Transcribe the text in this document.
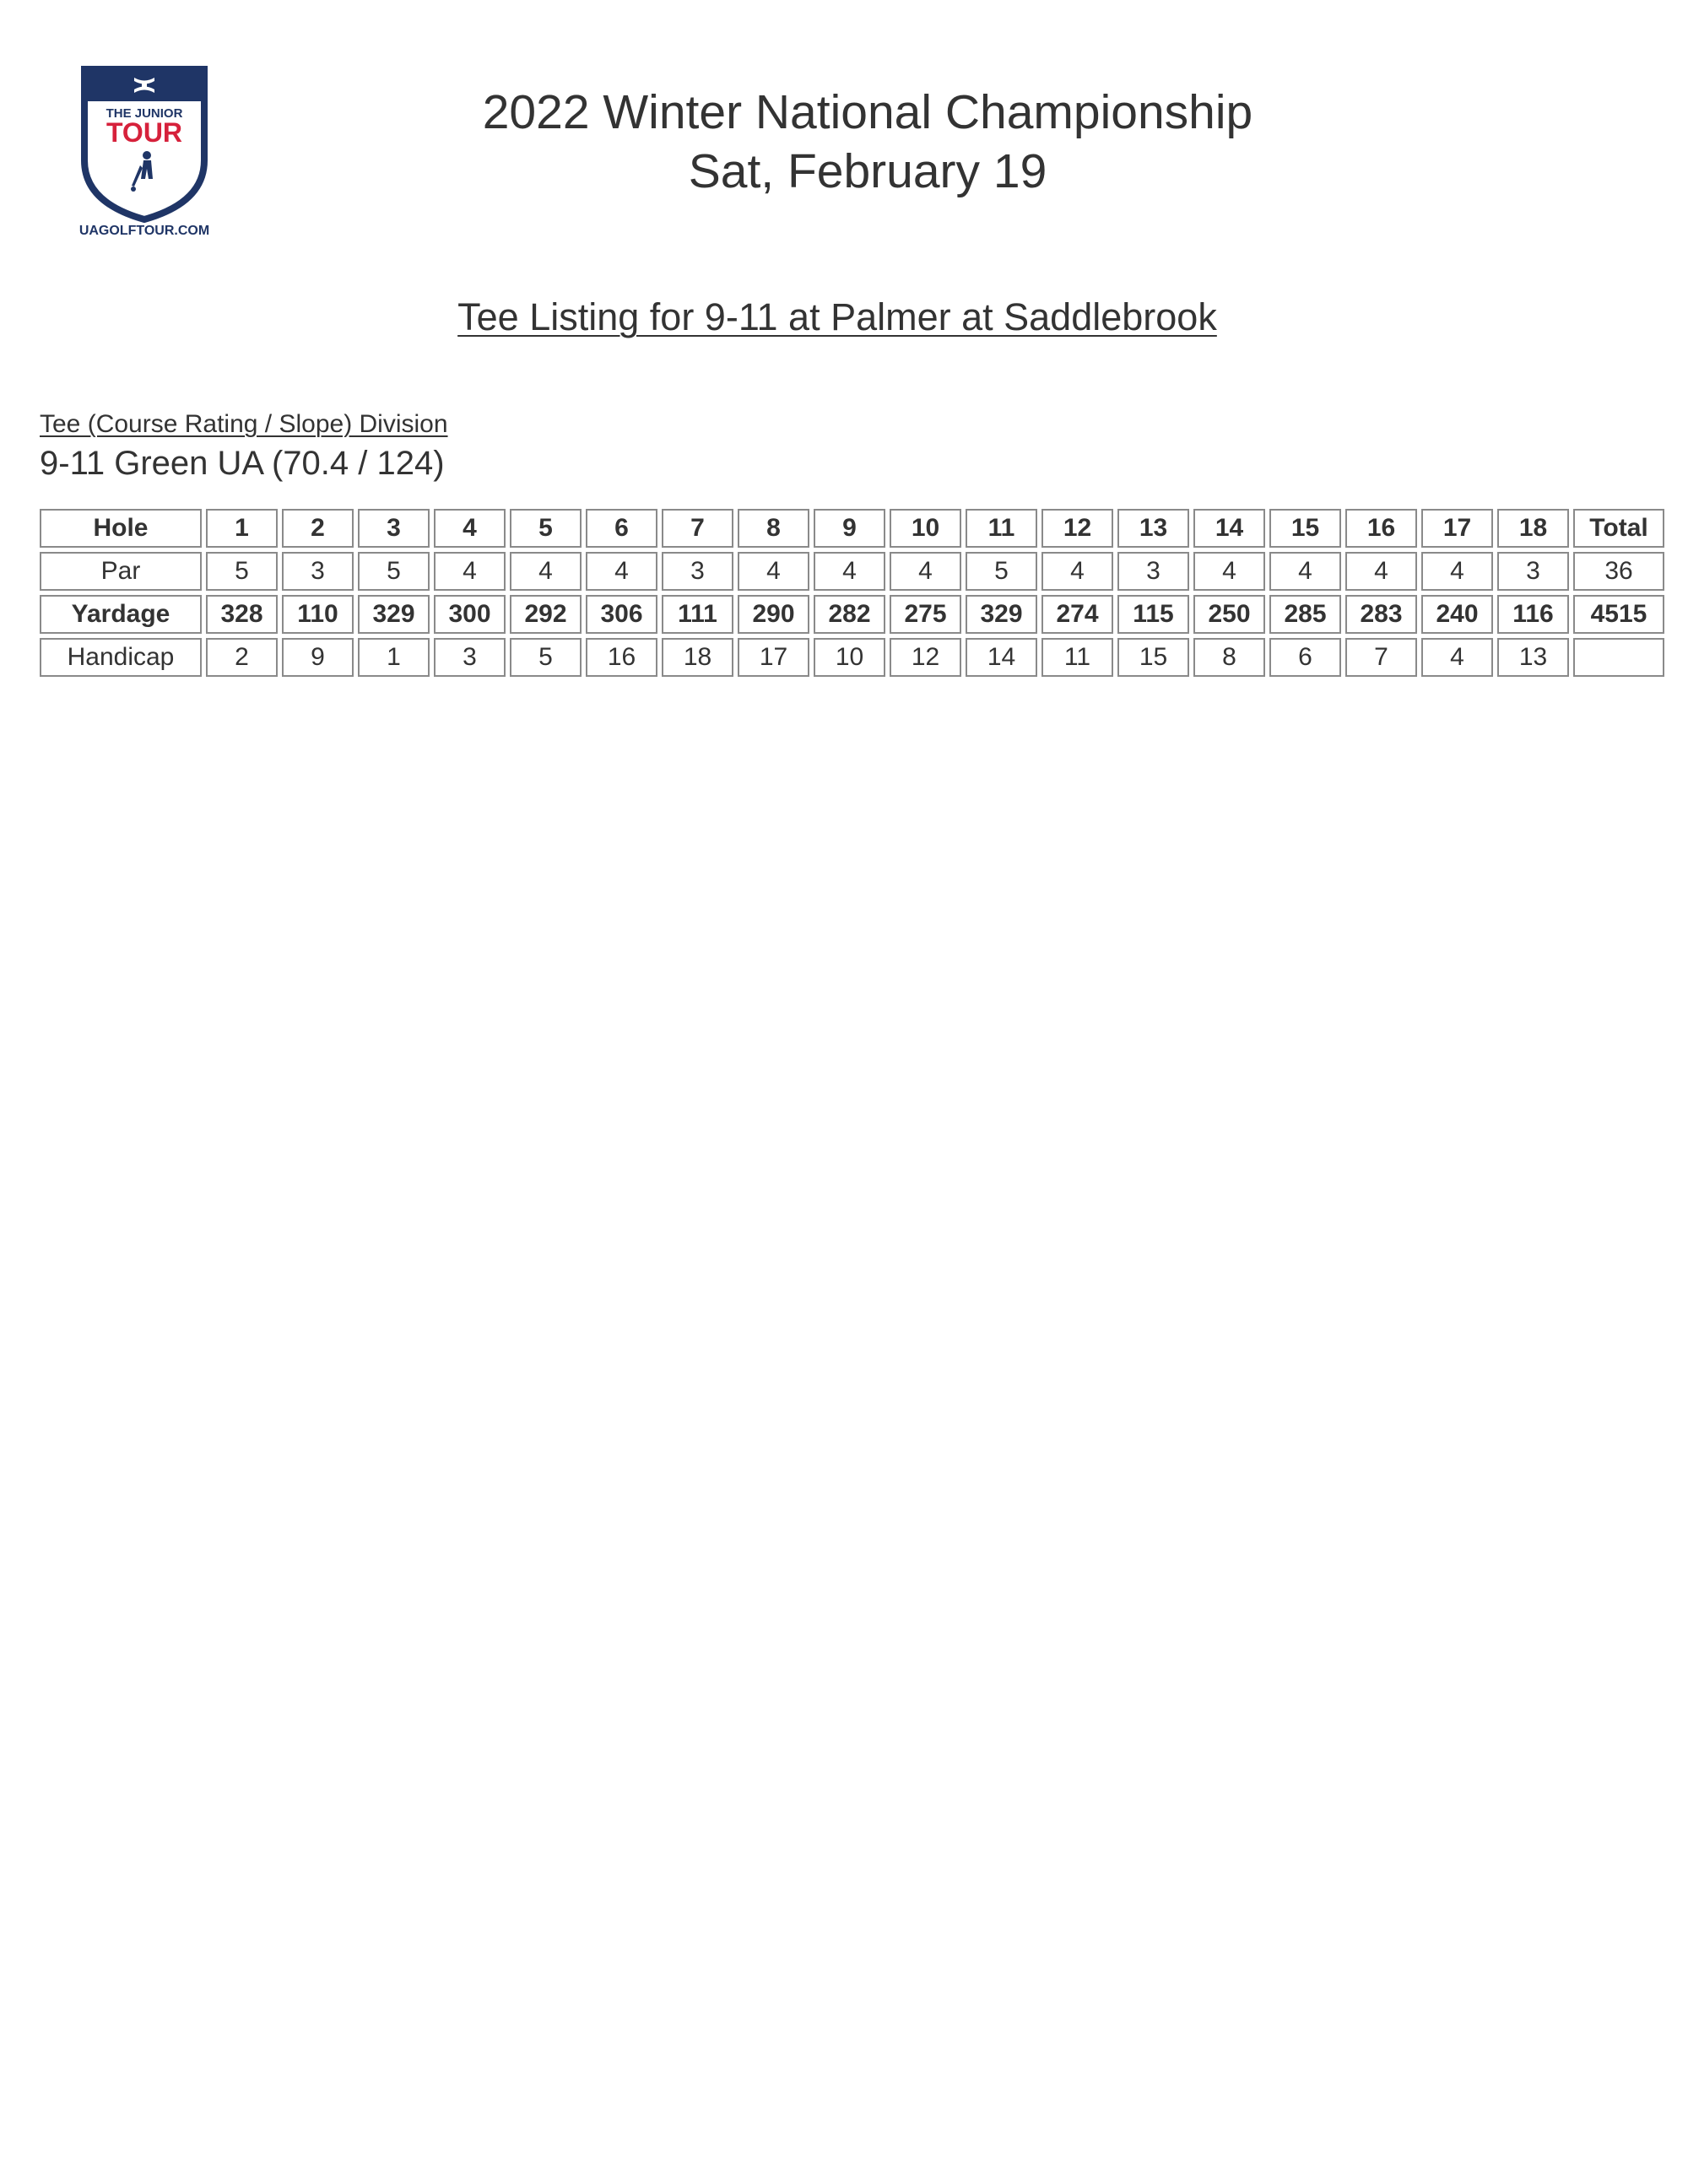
THE JUNIOR
TOUR
UAGOLFTOUR.COM
2022 Winter National Championship
Sat, February 19
Tee Listing for 9-11 at Palmer at Saddlebrook
Tee (Course Rating / Slope) Division
9-11 Green UA (70.4 / 124)
Hole	1	2	3	4	5	6	7	8	9	10	11	12	13	14	15	16	17	18	Total
Par	5	3	5	4	4	4	3	4	4	4	5	4	3	4	4	4	4	3	36
Yardage	328	110	329	300	292	306	111	290	282	275	329	274	115	250	285	283	240	116	4515
Handicap	2	9	1	3	5	16	18	17	10	12	14	11	15	8	6	7	4	13	
